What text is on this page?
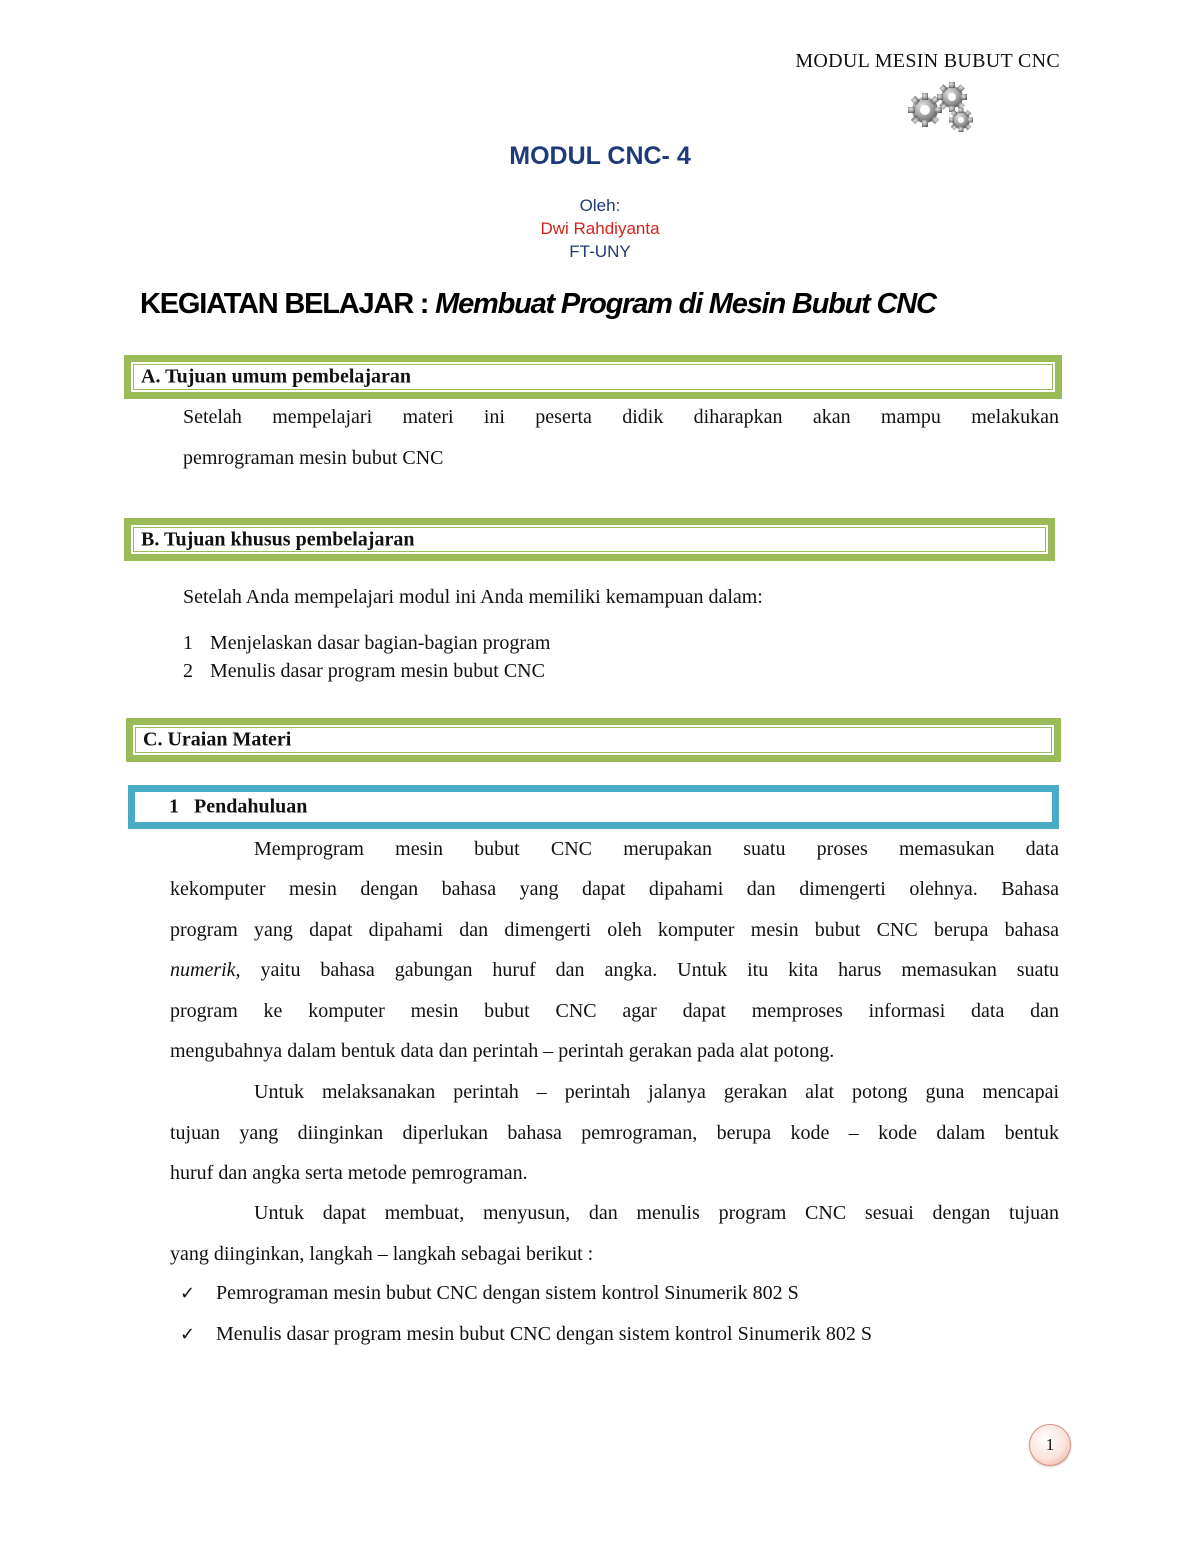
MODUL MESIN BUBUT CNC
MODUL CNC- 4
Oleh:
Dwi Rahdiyanta
FT-UNY
KEGIATAN BELAJAR : Membuat Program di Mesin Bubut CNC
A. Tujuan umum pembelajaran
Setelah mempelajari materi ini peserta didik diharapkan akan mampu melakukan
pemrograman mesin bubut CNC
B. Tujuan khusus pembelajaran
Setelah Anda mempelajari modul ini Anda memiliki kemampuan dalam:
1 Menjelaskan dasar bagian-bagian program
2 Menulis dasar program mesin bubut CNC
C. Uraian Materi
1   Pendahuluan
Memprogram mesin bubut CNC merupakan suatu proses memasukan data
kekomputer mesin dengan bahasa yang dapat dipahami dan dimengerti olehnya. Bahasa
program yang dapat dipahami dan dimengerti oleh komputer mesin bubut CNC berupa bahasa
numerik, yaitu bahasa gabungan huruf dan angka. Untuk itu kita harus memasukan suatu
program ke komputer mesin bubut CNC agar dapat memproses informasi data dan
mengubahnya dalam bentuk data dan perintah – perintah gerakan pada alat potong.
Untuk melaksanakan perintah – perintah jalanya gerakan alat potong guna mencapai
tujuan yang diinginkan diperlukan bahasa pemrograman, berupa kode – kode dalam bentuk
huruf dan angka serta metode pemrograman.
Untuk dapat membuat, menyusun, dan menulis program CNC sesuai dengan tujuan
yang diinginkan, langkah – langkah sebagai berikut :
✓ Pemrograman mesin bubut CNC dengan sistem kontrol Sinumerik 802 S
✓ Menulis dasar program mesin bubut CNC dengan sistem kontrol Sinumerik 802 S
1
